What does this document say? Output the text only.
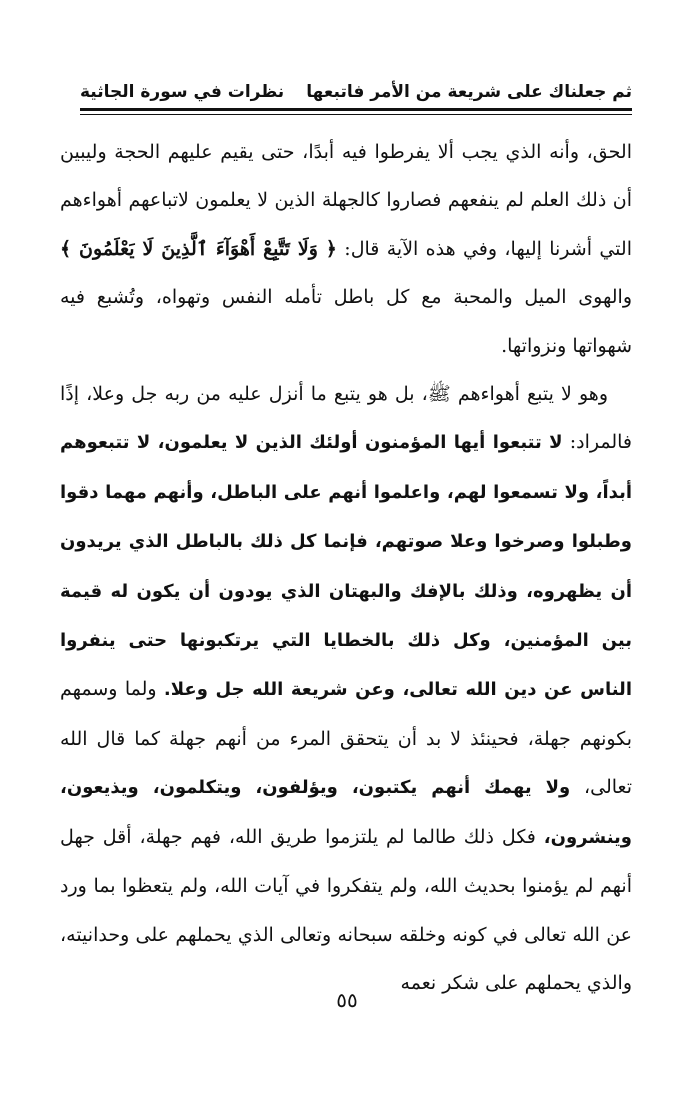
ثم جعلناك على شريعة من الأمر فاتبعها
نظرات في سورة الجاثية

الحق، وأنه الذي يجب ألا يفرطوا فيه أبدًا، حتى يقيم عليهم الحجة وليبين أن ذلك العلم لم ينفعهم فصاروا كالجهلة الذين لا يعلمون لاتباعهم أهواءهم التي أشرنا إليها، وفي هذه الآية قال: ﴿ وَلَا تَتَّبِعْ أَهْوَآءَ ٱلَّذِينَ لَا يَعْلَمُونَ ﴾ والهوى الميل والمحبة مع كل باطل تأمله النفس وتهواه، وتُشبع فيه شهواتها ونزواتها.

وهو لا يتبع أهواءهم ﷺ، بل هو يتبع ما أنزل عليه من ربه جل وعلا، إذًا فالمراد: لا تتبعوا أيها المؤمنون أولئك الذين لا يعلمون، لا تتبعوهم أبداً، ولا تسمعوا لهم، واعلموا أنهم على الباطل، وأنهم مهما دقوا وطبلوا وصرخوا وعلا صوتهم، فإنما كل ذلك بالباطل الذي يريدون أن يظهروه، وذلك بالإفك والبهتان الذي يودون أن يكون له قيمة بين المؤمنين، وكل ذلك بالخطايا التي يرتكبونها حتى ينفروا الناس عن دين الله تعالى، وعن شريعة الله جل وعلا. ولما وسمهم بكونهم جهلة، فحينئذ لا بد أن يتحقق المرء من أنهم جهلة كما قال الله تعالى، ولا يهمك أنهم يكتبون، ويؤلفون، ويتكلمون، ويذيعون، وينشرون، فكل ذلك طالما لم يلتزموا طريق الله، فهم جهلة، أقل جهل أنهم لم يؤمنوا بحديث الله، ولم يتفكروا في آيات الله، ولم يتعظوا بما ورد عن الله تعالى في كونه وخلقه سبحانه وتعالى الذي يحملهم على وحدانيته، والذي يحملهم على شكر نعمه

٥٥
